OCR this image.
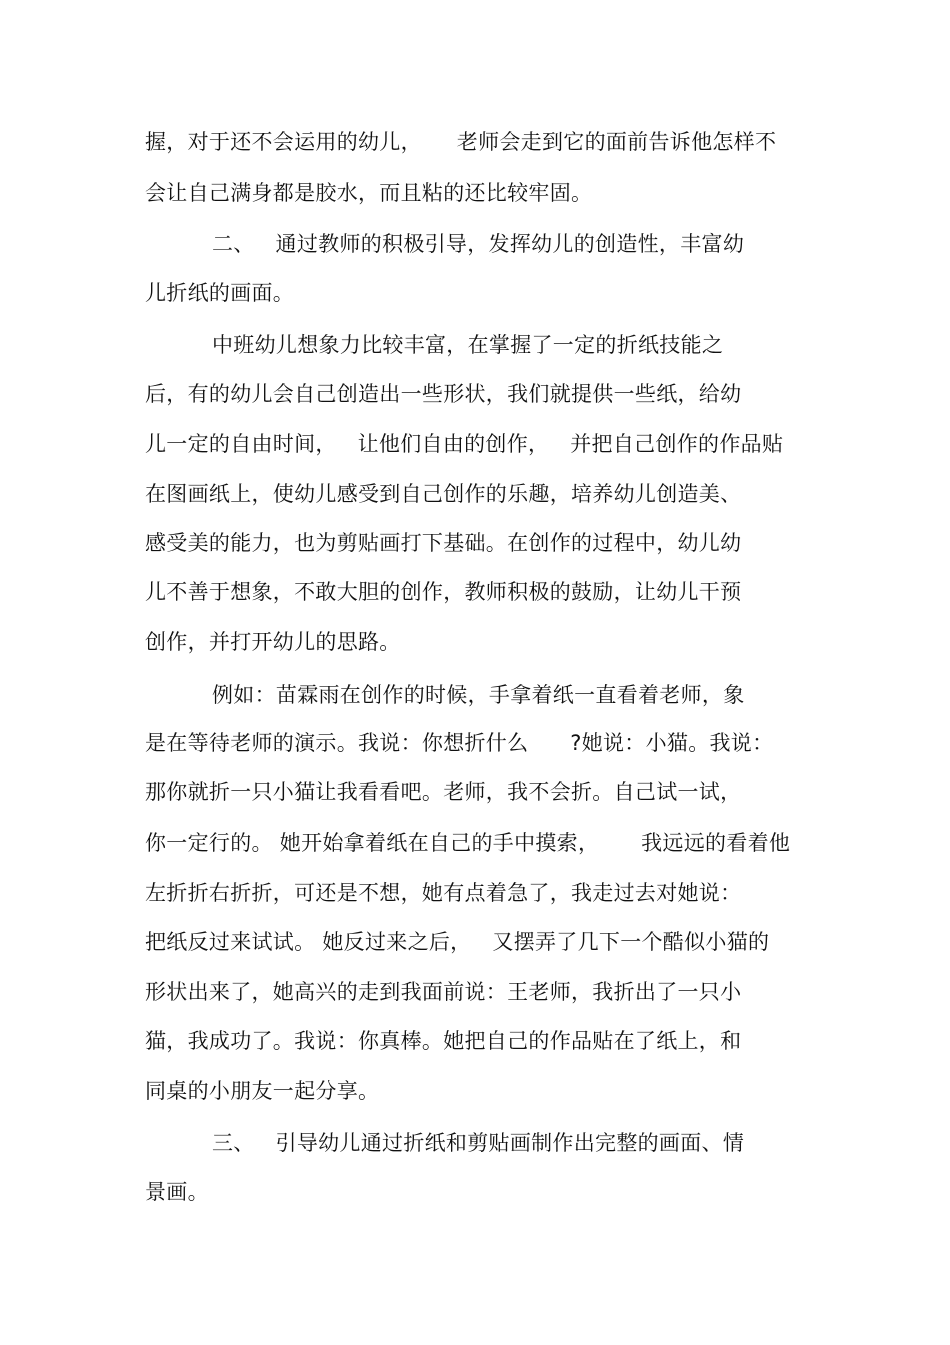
握，对于还不会运用的幼儿，     老师会走到它的面前告诉他怎样不
会让自己满身都是胶水，而且粘的还比较牢固。
二、   通过教师的积极引导，发挥幼儿的创造性，丰富幼
儿折纸的画面。
中班幼儿想象力比较丰富，在掌握了一定的折纸技能之
后，有的幼儿会自己创造出一些形状，我们就提供一些纸，给幼
儿一定的自由时间，   让他们自由的创作，   并把自己创作的作品贴
在图画纸上，使幼儿感受到自己创作的乐趣，培养幼儿创造美、
感受美的能力，也为剪贴画打下基础。在创作的过程中，幼儿幼
儿不善于想象，不敢大胆的创作，教师积极的鼓励，让幼儿干预
创作，并打开幼儿的思路。
例如：苗霖雨在创作的时候，手拿着纸一直看着老师，象
是在等待老师的演示。我说：你想折什么      ?她说：小猫。我说：
那你就折一只小猫让我看看吧。老师，我不会折。自己试一试，
你一定行的。 她开始拿着纸在自己的手中摸索，      我远远的看着他
左折折右折折，可还是不想，她有点着急了，我走过去对她说：
把纸反过来试试。 她反过来之后，   又摆弄了几下一个酷似小猫的
形状出来了，她高兴的走到我面前说：王老师，我折出了一只小
猫，我成功了。我说：你真棒。她把自己的作品贴在了纸上，和
同桌的小朋友一起分享。
三、   引导幼儿通过折纸和剪贴画制作出完整的画面、情
景画。
